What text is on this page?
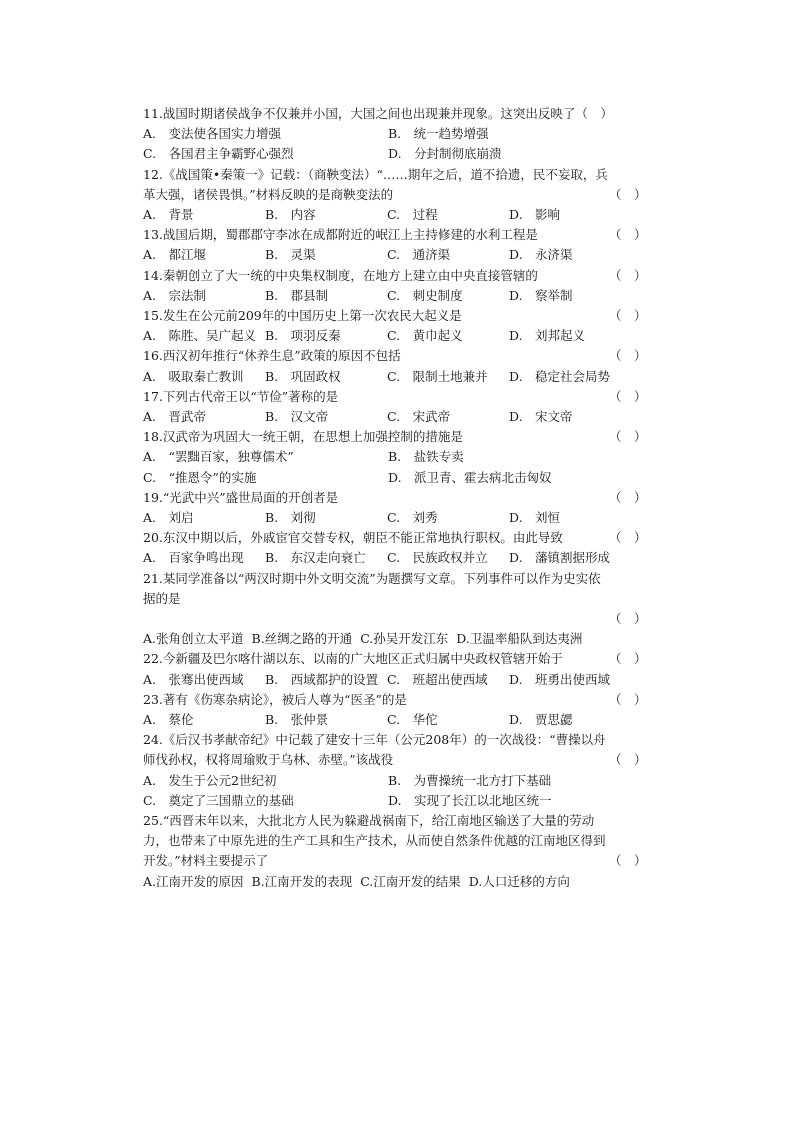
11.战国时期诸侯战争不仅兼并小国，大国之间也出现兼并现象。这突出反映了（　）
A.　变法使各国实力增强	B.　统一趋势增强
C.　各国君主争霸野心强烈	D.　分封制彻底崩溃
12.《战国策•秦策一》记载：（商鞅变法）“……期年之后，道不拾遗，民不妄取，兵革大强，诸侯畏惧。”材料反映的是商鞅变法的	（　）
A.　背景	B.　内容	C.　过程	D.　影响
13.战国后期，蜀郡郡守李冰在成都附近的岷江上主持修建的水利工程是	（　）
A.　都江堰	B.　灵渠	C.　通济渠	D.　永济渠
14.秦朝创立了大一统的中央集权制度，在地方上建立由中央直接管辖的	（　）
A.　宗法制	B.　郡县制	C.　刺史制度	D.　察举制
15.发生在公元前209年的中国历史上第一次农民大起义是	（　）
A.　陈胜、吴广起义 B.　项羽反秦	C.　黄巾起义	D.　刘邦起义
16.西汉初年推行“休养生息”政策的原因不包括	（　）
A.　吸取秦亡教训	B.　巩固政权	C.　限制土地兼并	D.　稳定社会局势
17.下列古代帝王以“节俭”著称的是	（　）
A.　晋武帝	B.　汉文帝	C.　宋武帝	D.　宋文帝
18.汉武帝为巩固大一统王朝，在思想上加强控制的措施是	（　）
A.　“罢黜百家，独尊儒术”	B.　盐铁专卖
C.　“推恩令”的实施	D.　派卫青、霍去病北击匈奴
19.“光武中兴”盛世局面的开创者是	（　）
A.　刘启	B.　刘彻	C.　刘秀	D.　刘恒
20.东汉中期以后，外戚宦官交替专权，朝臣不能正常地执行职权。由此导致	（　）
A.　百家争鸣出现	B.　东汉走向衰亡	C.　民族政权并立	D.　藩镇割据形成
21.某同学准备以“两汉时期中外文明交流”为题撰写文章。下列事件可以作为史实依据的是
（　）
A.张角创立太平道 B.丝绸之路的开通 C.孙吴开发江东 D.卫温率船队到达夷洲
22.今新疆及巴尔喀什湖以东、以南的广大地区正式归属中央政权管辖开始于	（　）
A.　张骞出使西域	B.　西域都护的设置 C.　班超出使西域	D.　班勇出使西域
23.著有《伤寒杂病论》，被后人尊为“医圣”的是	（　）
A.　蔡伦	B.　张仲景	C.　华佗	D.　贾思勰
24.《后汉书孝献帝纪》中记载了建安十三年（公元208年）的一次战役：“曹操以舟师伐孙权，权将周瑜败于乌林、赤壁。”该战役	（　）
A.　发生于公元2世纪初	B.　为曹操统一北方打下基础
C.　奠定了三国鼎立的基础	D.　实现了长江以北地区统一
25.“西晋末年以来，大批北方人民为躲避战祸南下，给江南地区输送了大量的劳动力，也带来了中原先进的生产工具和生产技术，从而使自然条件优越的江南地区得到开发。”材料主要提示了	（　）
A.江南开发的原因 B.江南开发的表现 C.江南开发的结果 D.人口迁移的方向
